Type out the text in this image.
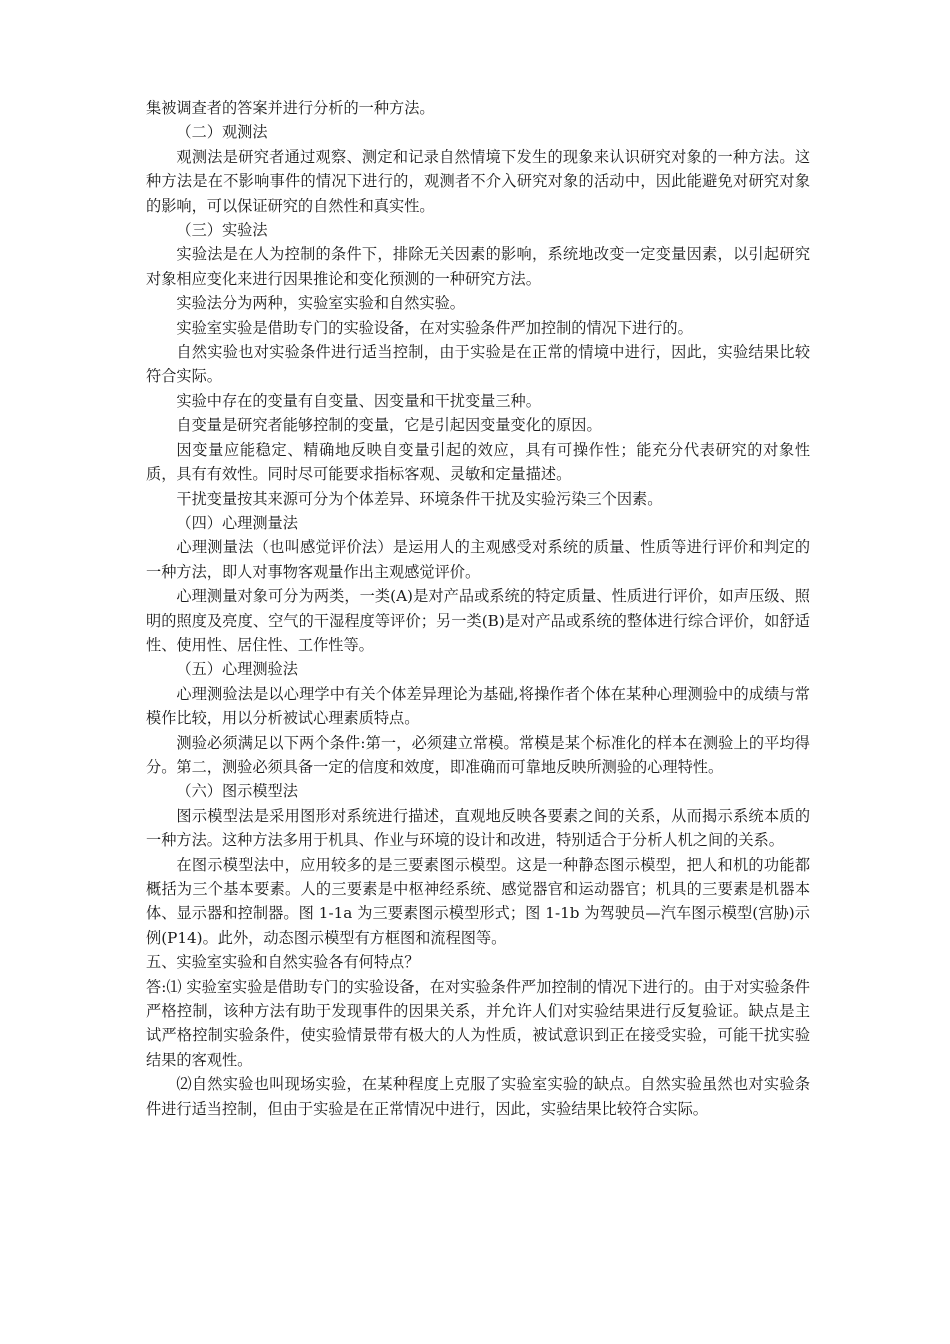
集被调查者的答案并进行分析的一种方法。

（二）观测法

观测法是研究者通过观察、测定和记录自然情境下发生的现象来认识研究对象的一种方法。这种方法是在不影响事件的情况下进行的，观测者不介入研究对象的活动中，因此能避免对研究对象的影响，可以保证研究的自然性和真实性。

（三）实验法

实验法是在人为控制的条件下，排除无关因素的影响，系统地改变一定变量因素，以引起研究对象相应变化来进行因果推论和变化预测的一种研究方法。

实验法分为两种，实验室实验和自然实验。

实验室实验是借助专门的实验设备，在对实验条件严加控制的情况下进行的。

自然实验也对实验条件进行适当控制，由于实验是在正常的情境中进行，因此，实验结果比较符合实际。

实验中存在的变量有自变量、因变量和干扰变量三种。

自变量是研究者能够控制的变量，它是引起因变量变化的原因。

因变量应能稳定、精确地反映自变量引起的效应，具有可操作性；能充分代表研究的对象性质，具有有效性。同时尽可能要求指标客观、灵敏和定量描述。

干扰变量按其来源可分为个体差异、环境条件干扰及实验污染三个因素。

（四）心理测量法

心理测量法（也叫感觉评价法）是运用人的主观感受对系统的质量、性质等进行评价和判定的一种方法，即人对事物客观量作出主观感觉评价。

心理测量对象可分为两类，一类(A)是对产品或系统的特定质量、性质进行评价，如声压级、照明的照度及亮度、空气的干湿程度等评价；另一类(B)是对产品或系统的整体进行综合评价，如舒适性、使用性、居住性、工作性等。

（五）心理测验法

心理测验法是以心理学中有关个体差异理论为基础,将操作者个体在某种心理测验中的成绩与常模作比较，用以分析被试心理素质特点。

测验必须满足以下两个条件:第一，必须建立常模。常模是某个标准化的样本在测验上的平均得分。第二，测验必须具备一定的信度和效度，即准确而可靠地反映所测验的心理特性。

（六）图示模型法

图示模型法是采用图形对系统进行描述，直观地反映各要素之间的关系，从而揭示系统本质的一种方法。这种方法多用于机具、作业与环境的设计和改进，特别适合于分析人机之间的关系。

在图示模型法中，应用较多的是三要素图示模型。这是一种静态图示模型，把人和机的功能都概括为三个基本要素。人的三要素是中枢神经系统、感觉器官和运动器官；机具的三要素是机器本体、显示器和控制器。图 1-1a 为三要素图示模型形式；图 1-1b 为驾驶员—汽车图示模型(宫胁)示例(P14)。此外，动态图示模型有方框图和流程图等。

五、实验室实验和自然实验各有何特点？

答:⑴ 实验室实验是借助专门的实验设备，在对实验条件严加控制的情况下进行的。由于对实验条件严格控制，该种方法有助于发现事件的因果关系，并允许人们对实验结果进行反复验证。缺点是主试严格控制实验条件，使实验情景带有极大的人为性质，被试意识到正在接受实验，可能干扰实验结果的客观性。

⑵自然实验也叫现场实验，在某种程度上克服了实验室实验的缺点。自然实验虽然也对实验条件进行适当控制，但由于实验是在正常情况中进行，因此，实验结果比较符合实际。
